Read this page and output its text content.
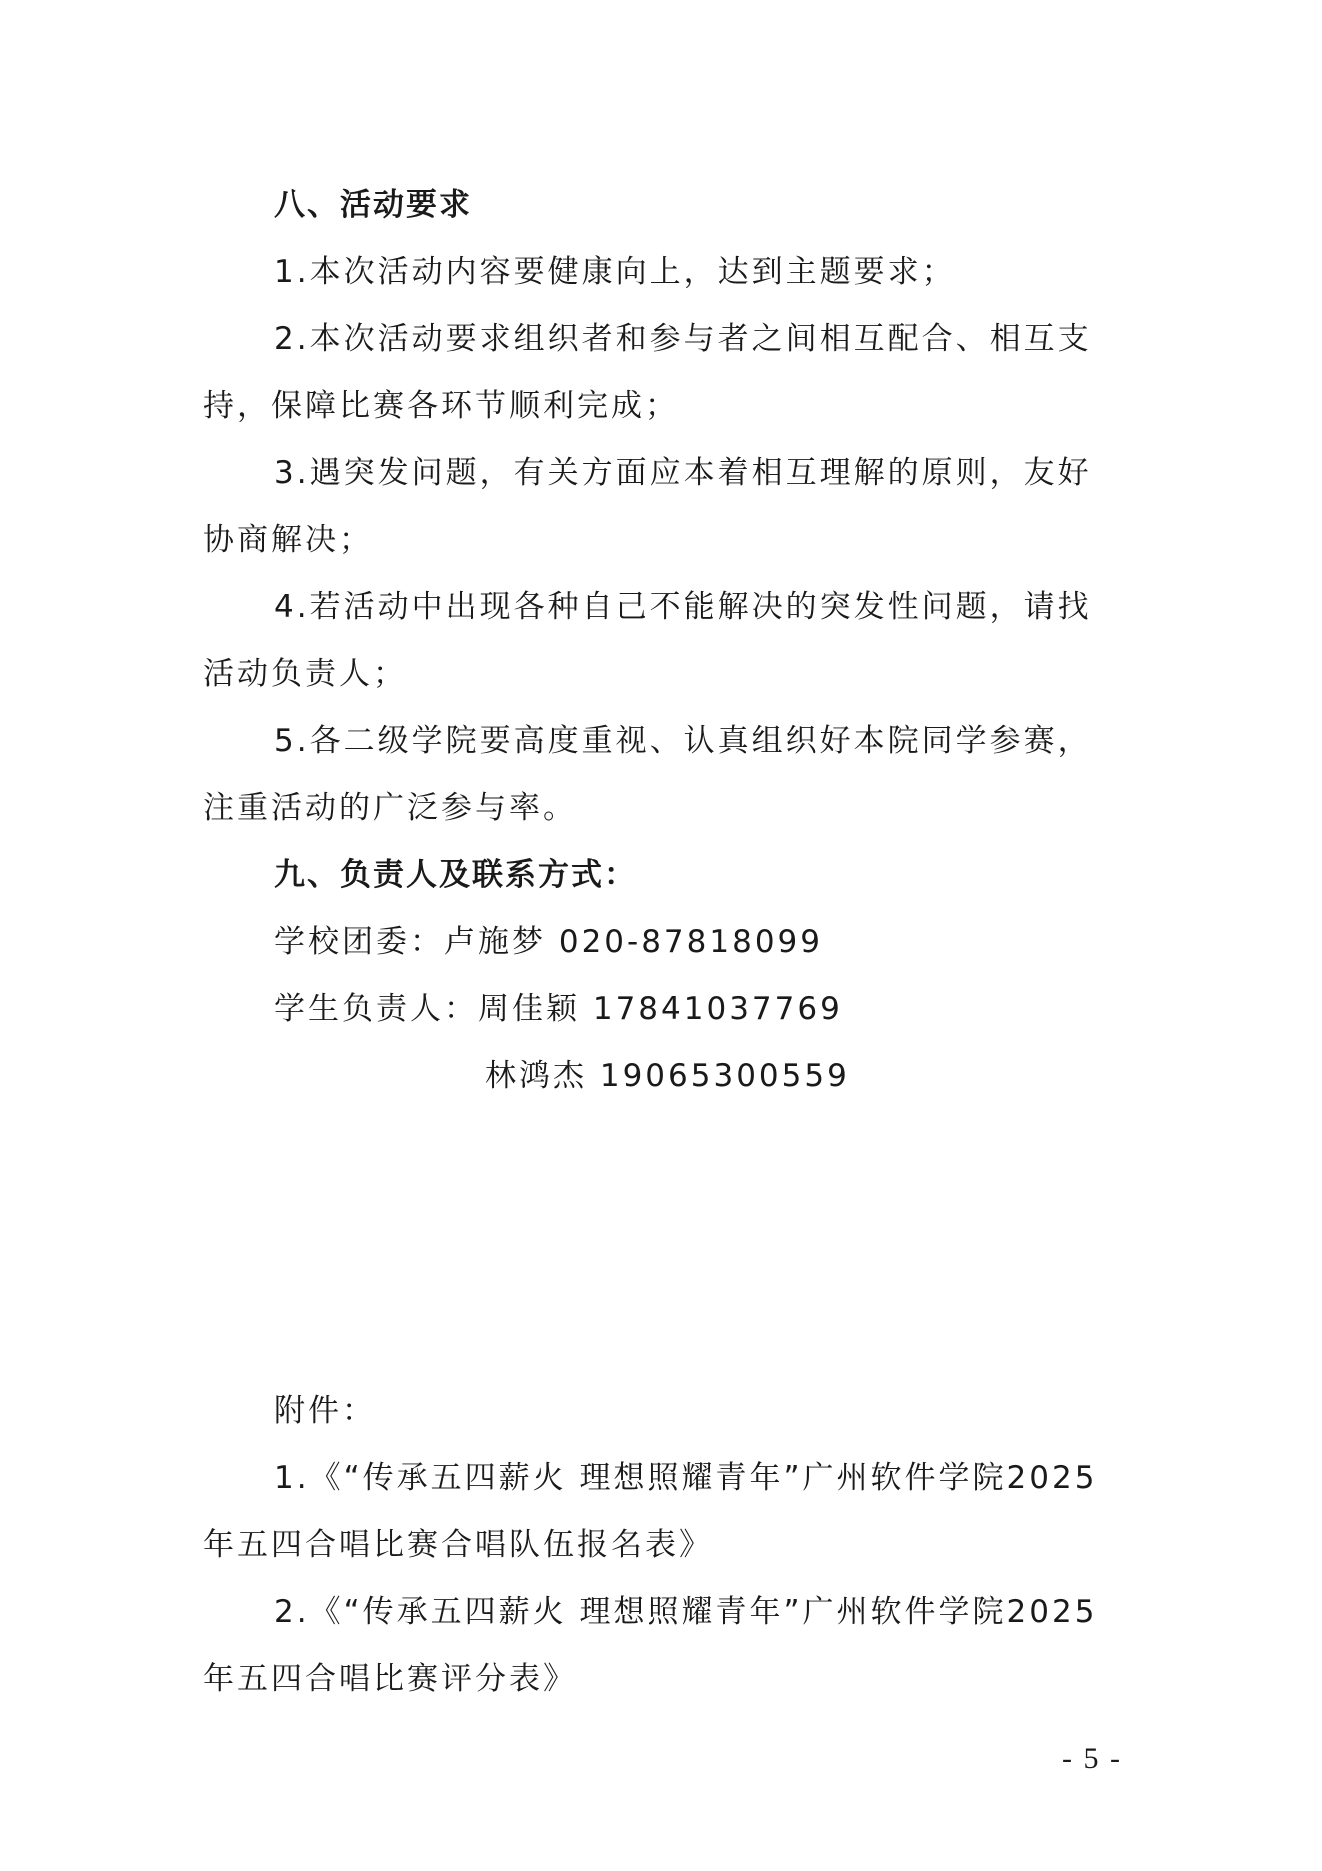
八、活动要求
1.本次活动内容要健康向上，达到主题要求；
2.本次活动要求组织者和参与者之间相互配合、相互支
持，保障比赛各环节顺利完成；
3.遇突发问题，有关方面应本着相互理解的原则，友好
协商解决；
4.若活动中出现各种自己不能解决的突发性问题，请找
活动负责人；
5.各二级学院要高度重视、认真组织好本院同学参赛，
注重活动的广泛参与率。
九、负责人及联系方式：
学校团委：卢施梦 020-87818099
学生负责人：周佳颖 17841037769
林鸿杰 19065300559
附件：
1.《“传承五四薪火 理想照耀青年”广州软件学院2025
年五四合唱比赛合唱队伍报名表》
2.《“传承五四薪火 理想照耀青年”广州软件学院2025
年五四合唱比赛评分表》
- 5 -
